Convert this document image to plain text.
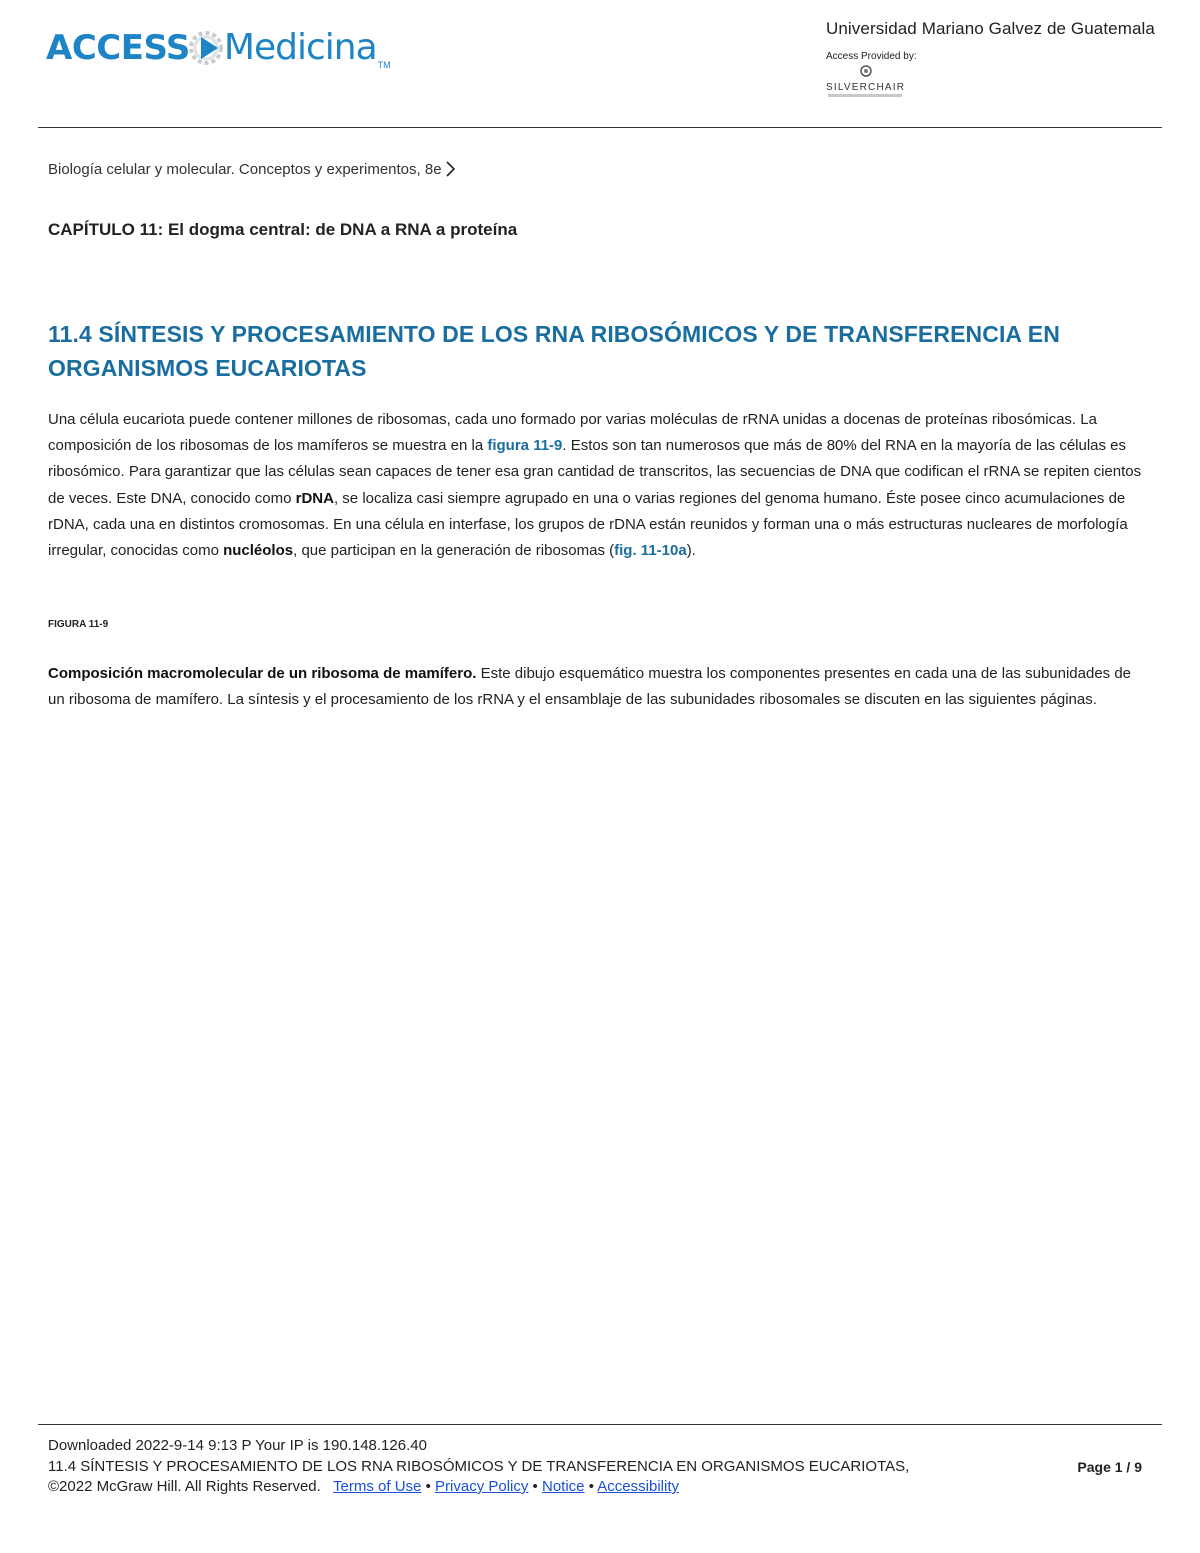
ACCESS Medicina TM
Universidad Mariano Galvez de Guatemala
Access Provided by:
SILVERCHAIR
Biología celular y molecular. Conceptos y experimentos, 8e
CAPÍTULO 11: El dogma central: de DNA a RNA a proteína
11.4 SÍNTESIS Y PROCESAMIENTO DE LOS RNA RIBOSÓMICOS Y DE TRANSFERENCIA EN ORGANISMOS EUCARIOTAS
Una célula eucariota puede contener millones de ribosomas, cada uno formado por varias moléculas de rRNA unidas a docenas de proteínas ribosómicas. La composición de los ribosomas de los mamíferos se muestra en la figura 11-9. Estos son tan numerosos que más de 80% del RNA en la mayoría de las células es ribosómico. Para garantizar que las células sean capaces de tener esa gran cantidad de transcritos, las secuencias de DNA que codifican el rRNA se repiten cientos de veces. Este DNA, conocido como rDNA, se localiza casi siempre agrupado en una o varias regiones del genoma humano. Éste posee cinco acumulaciones de rDNA, cada una en distintos cromosomas. En una célula en interfase, los grupos de rDNA están reunidos y forman una o más estructuras nucleares de morfología irregular, conocidas como nucléolos, que participan en la generación de ribosomas (fig. 11-10a).
FIGURA 11-9
Composición macromolecular de un ribosoma de mamífero. Este dibujo esquemático muestra los componentes presentes en cada una de las subunidades de un ribosoma de mamífero. La síntesis y el procesamiento de los rRNA y el ensamblaje de las subunidades ribosomales se discuten en las siguientes páginas.
Downloaded 2022-9-14 9:13 P Your IP is 190.148.126.40
11.4 SÍNTESIS Y PROCESAMIENTO DE LOS RNA RIBOSÓMICOS Y DE TRANSFERENCIA EN ORGANISMOS EUCARIOTAS,	Page 1 / 9
©2022 McGraw Hill. All Rights Reserved. Terms of Use • Privacy Policy • Notice • Accessibility
